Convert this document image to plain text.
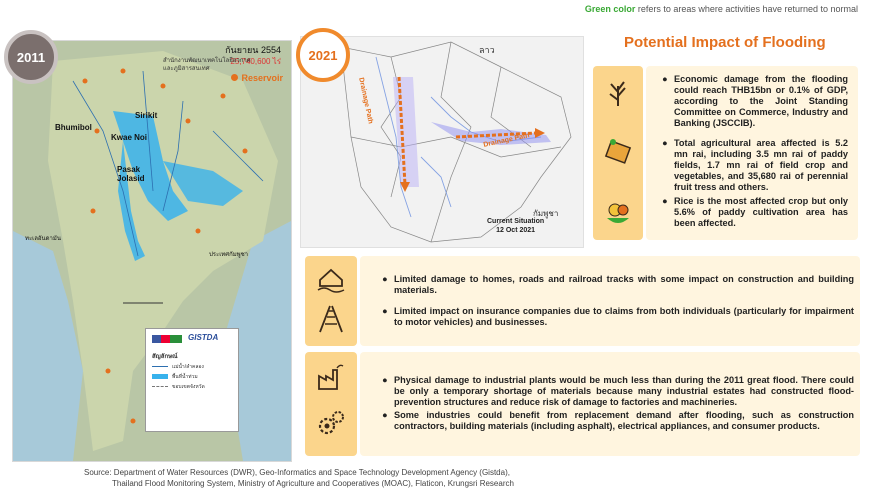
Green color refers to areas where activities have returned to normal
กันยายน 2554
25,740,600 ไร่
สำนักงานพัฒนาเทคโนโลยีอวกาศ
และภูมิสารสนเทศ
Reservoir
Sirikit
Bhumibol
Kwae Noi
Pasak Jolasid
ทะเลอันดามัน
ประเทศกัมพูชา
GISTDA
สัญลักษณ์
แม่น้ำ/ลำคลอง
พื้นที่น้ำท่วม
ขอบเขตจังหวัด
2011	ลาว
กัมพูชา
Drainage Path
Drainage Path
Current Situation
12 Oct 2021
2021
Potential Impact of Flooding
● Economic damage from the flooding could reach THB15bn or 0.1% of GDP, according to the Joint Standing Committee on Commerce, Industry and Banking (JSCCIB).
● Total agricultural area affected is 5.2 mn rai, including 3.5 mn rai of paddy fields, 1.7 mn rai of field crop and vegetables, and 35,680 rai of perennial fruit tress and others.
● Rice is the most affected crop but only 5.6% of paddy cultivation area has been affected.
● Limited damage to homes, roads and railroad tracks with some impact on construction and building materials.
● Limited impact on insurance companies due to claims from both individuals (particularly for impairment to motor vehicles) and businesses.
● Physical damage to industrial plants would be much less than during the 2011 great flood. There could be only a temporary shortage of materials because many industrial estates had constructed flood-prevention structures and reduce risk of damage to factories and machineries.
● Some industries could benefit from replacement demand after flooding, such as construction contractors, building materials (including asphalt), electrical appliances, and consumer products.
Source: Department of Water Resources (DWR), Geo-Informatics and Space Technology Development Agency (Gistda),
Thailand Flood Monitoring System, Ministry of Agriculture and Cooperatives (MOAC), Flaticon, Krungsri Research
